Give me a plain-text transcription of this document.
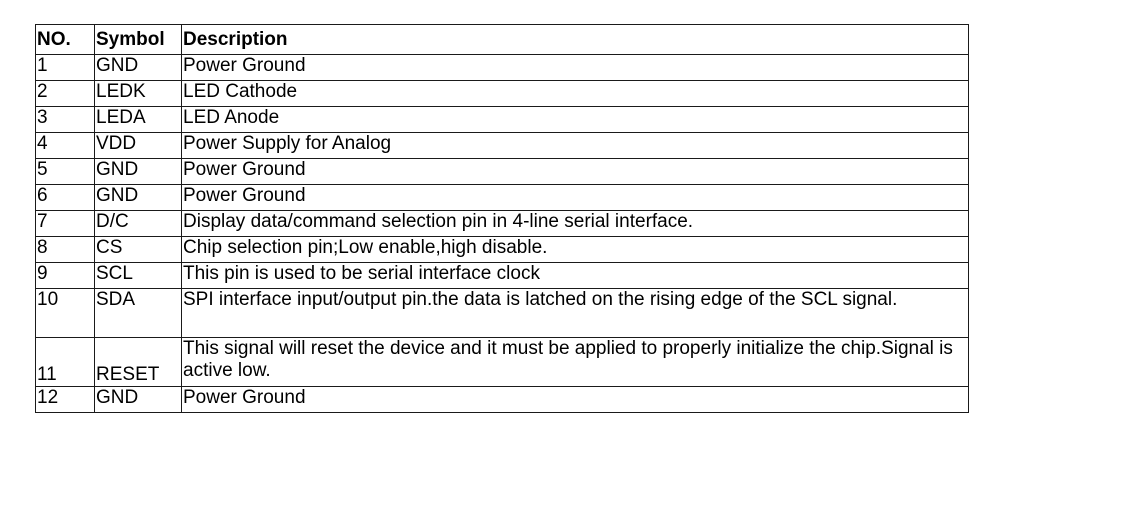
NO.	Symbol	Description
1	GND	Power Ground
2	LEDK	LED Cathode
3	LEDA	LED Anode
4	VDD	Power Supply for Analog
5	GND	Power Ground
6	GND	Power Ground
7	D/C	Display data/command selection pin in 4-line serial interface.
8	CS	Chip selection pin;Low enable,high disable.
9	SCL	This pin is used to be serial interface clock
10	SDA	SPI interface input/output pin.the data is latched on the rising edge of the SCL signal.
11	RESET	This signal will reset the device and it must be applied to properly initialize the chip.Signal is active low.
12	GND	Power Ground
